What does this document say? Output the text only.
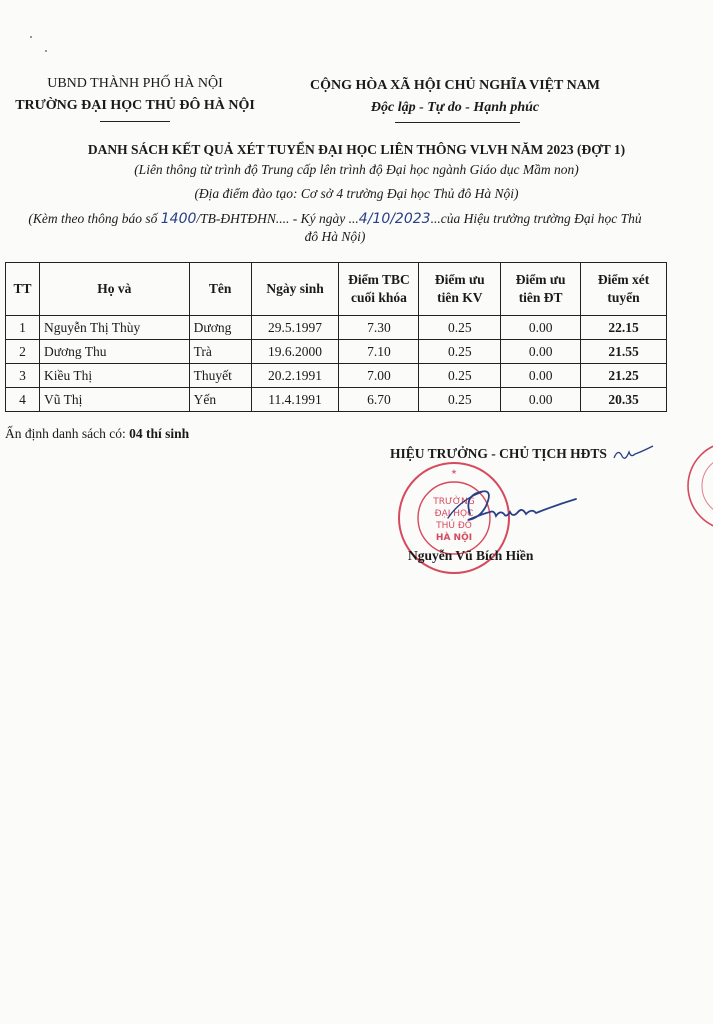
UBND THÀNH PHỐ HÀ NỘI
TRƯỜNG ĐẠI HỌC THỦ ĐÔ HÀ NỘI
CỘNG HÒA XÃ HỘI CHỦ NGHĨA VIỆT NAM
Độc lập - Tự do - Hạnh phúc
DANH SÁCH KẾT QUẢ XÉT TUYỂN ĐẠI HỌC LIÊN THÔNG VLVH NĂM 2023 (ĐỢT 1)
(Liên thông từ trình độ Trung cấp lên trình độ Đại học ngành Giáo dục Mầm non)
(Địa điểm đào tạo: Cơ sở 4 trường Đại học Thủ đô Hà Nội)
(Kèm theo thông báo số 1400/TB-ĐHTĐHN.... - Ký ngày ...4/10/2023...của Hiệu trưởng trường Đại học Thủ
đô Hà Nội)
TT	Họ và	Tên	Ngày sinh	Điểm TBC cuối khóa	Điểm ưu tiên KV	Điểm ưu tiên ĐT	Điểm xét tuyển
1	Nguyễn Thị Thùy	Dương	29.5.1997	7.30	0.25	0.00	22.15
2	Dương Thu	Trà	19.6.2000	7.10	0.25	0.00	21.55
3	Kiều Thị	Thuyết	20.2.1991	7.00	0.25	0.00	21.25
4	Vũ Thị	Yến	11.4.1991	6.70	0.25	0.00	20.35
Ấn định danh sách có: 04 thí sinh
HIỆU TRƯỞNG - CHỦ TỊCH HĐTS
★
TRƯỜNG
ĐẠI HỌC
THỦ ĐÔ
HÀ NỘI
Nguyễn Vũ Bích Hiền
